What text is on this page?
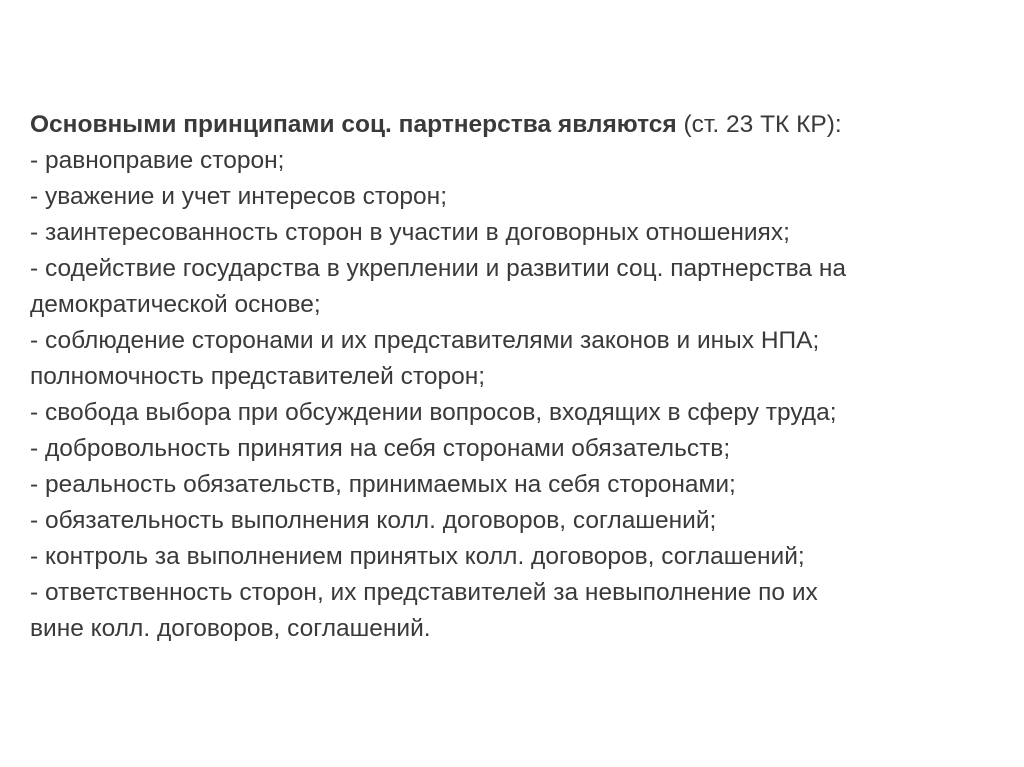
Основными принципами соц. партнерства являются (ст. 23 ТК КР):
- равноправие сторон;
- уважение и учет интересов сторон;
- заинтересованность сторон в участии в договорных отношениях;
- содействие государства в укреплении и развитии соц. партнерства на
демократической основе;
- соблюдение сторонами и их представителями законов и иных НПА;
полномочность представителей сторон;
- свобода выбора при обсуждении вопросов, входящих в сферу труда;
- добровольность принятия на себя сторонами обязательств;
- реальность обязательств, принимаемых на себя сторонами;
- обязательность выполнения колл. договоров, соглашений;
- контроль за выполнением принятых колл. договоров, соглашений;
- ответственность сторон, их представителей за невыполнение по их
вине колл. договоров, соглашений.
